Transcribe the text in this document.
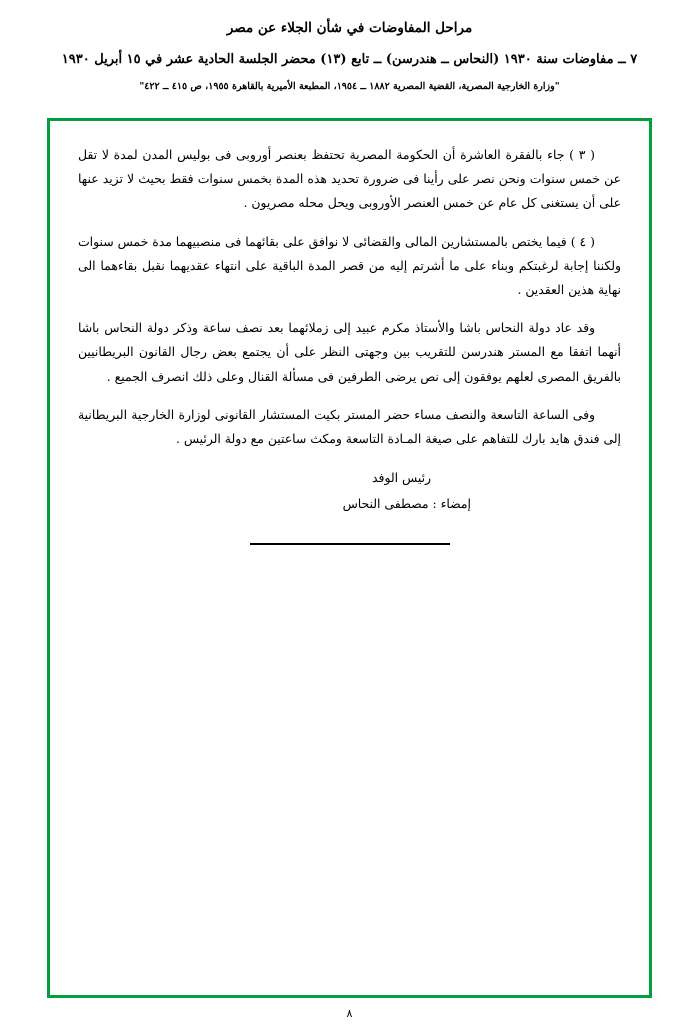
مراحل المفاوضات في شأن الجلاء عن مصر
٧ ــ مفاوضات سنة ١٩٣٠ (النحاس ــ هندرسن) ــ تابع (١٣) محضر الجلسة الحادية عشر في ١٥ أبريل ١٩٣٠
"وزارة الخارجية المصرية، القضية المصرية ١٨٨٢ ــ ١٩٥٤، المطبعة الأميرية بالقاهرة ١٩٥٥، ص ٤١٥ ــ ٤٢٢"

( ٣ ) جاء بالفقرة العاشرة أن الحكومة المصرية تحتفظ بعنصر أوروبى فى بوليس المدن لمدة لا تقل عن خمس سنوات ونحن نصر على رأينا فى ضرورة تحديد هذه المدة بخمس سنوات فقط بحيث لا تزيد عنها على أن يستغنى كل عام عن خمس العنصر الأوروبى ويحل محله مصريون .

( ٤ ) فيما يختص بالمستشارين المالى والقضائى لا نوافق على بقائهما فى منصبيهما مدة خمس سنوات ولكننا إجابة لرغبتكم وبناء على ما أشرتم إليه من قصر المدة الباقية على انتهاء عقديهما نقبل بقاءهما الى نهاية هذين العقدين .

وقد عاد دولة النحاس باشا والأستاذ مكرم عبيد إلى زملائهما بعد نصف ساعة وذكر دولة النحاس باشا أنهما اتفقا مع المستر هندرسن للتقريب بين وجهتى النظر على أن يجتمع بعض رجال القانون البريطانيين بالفريق المصرى لعلهم يوفقون إلى نص يرضى الطرفين فى مسألة القنال وعلى ذلك انصرف الجميع .

وفى الساعة التاسعة والنصف مساء حضر المستر بكيت المستشار القانونى لوزارة الخارجية البريطانية إلى فندق هايد بارك للتفاهم على صيغة المـادة التاسعة ومكث ساعتين مع دولة الرئيس .

رئيس الوفد
إمضاء : مصطفى النحاس
٨
